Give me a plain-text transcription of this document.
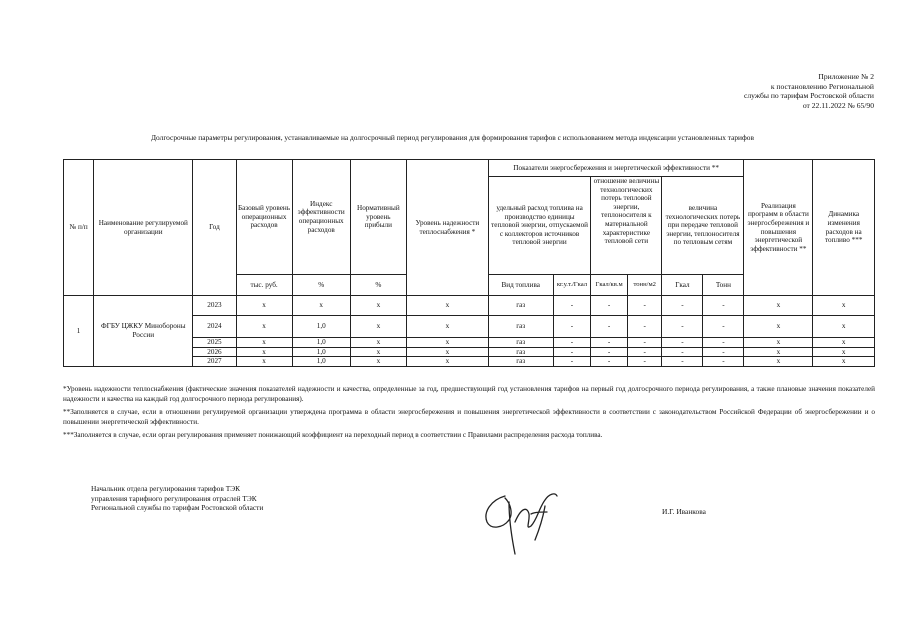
Приложение № 2
к постановлению Региональной
службы по тарифам Ростовской области
от 22.11.2022 № 65/90
Долгосрочные параметры регулирования, устанавливаемые на долгосрочный период регулирования для формирования тарифов с использованием метода индексации установленных тарифов
№ п/п	Наименование регулируемой организации	Год	Базовый уровень операционных расходов	Индекс эффективности операционных расходов	Нормативный уровень прибыли	Уровень надежности теплоснабжения *	Показатели энергосбережения и энергетической эффективности **						Реализация программ в области энергосбережения и повышения энергетической эффективности **	Динамика изменения расходов на топливо ***
							удельный расход топлива на производство единицы тепловой энергии, отпускаемой с коллекторов источников тепловой энергии		отношение величины технологических потерь тепловой энергии, теплоносителя к материальной характеристике тепловой сети		величина технологических потерь при передаче тепловой энергии, теплоносителя по тепловым сетям			
			тыс. руб.	%	%		Вид топлива	кг.у.т./Гкал	Гкал/кв.м	тонн/м2	Гкал	Тонн		
1	ФГБУ ЦЖКУ Минобороны России	2023	х	х	х	х	газ	-	-	-	-	-	х	х
		2024	х	1,0	х	х	газ	-	-	-	-	-	х	х
		2025	х	1,0	х	х	газ	-	-	-	-	-	х	х
		2026	х	1,0	х	х	газ	-	-	-	-	-	х	х
		2027	х	1,0	х	х	газ	-	-	-	-	-	х	х

*Уровень надежности теплоснабжения (фактические значения показателей надежности и качества, определенные за год, предшествующий год установления тарифов на первый год долгосрочного периода регулирования, а также плановые значения показателей надежности и качества на каждый год долгосрочного периода регулирования).

**Заполняется в случае, если в отношении регулируемой организации утверждена программа в области энергосбережения и повышения энергетической эффективности в соответствии с законодательством Российской Федерации об энергосбережении и о повышении энергетической эффективности.

***Заполняется в случае, если орган регулирования применяет понижающий коэффициент на переходный период в соответствии с Правилами распределения расхода топлива.

Начальник отдела регулирования тарифов ТЭК
управления тарифного регулирования отраслей ТЭК
Региональной службы по тарифам Ростовской области	И.Г. Иванкова
